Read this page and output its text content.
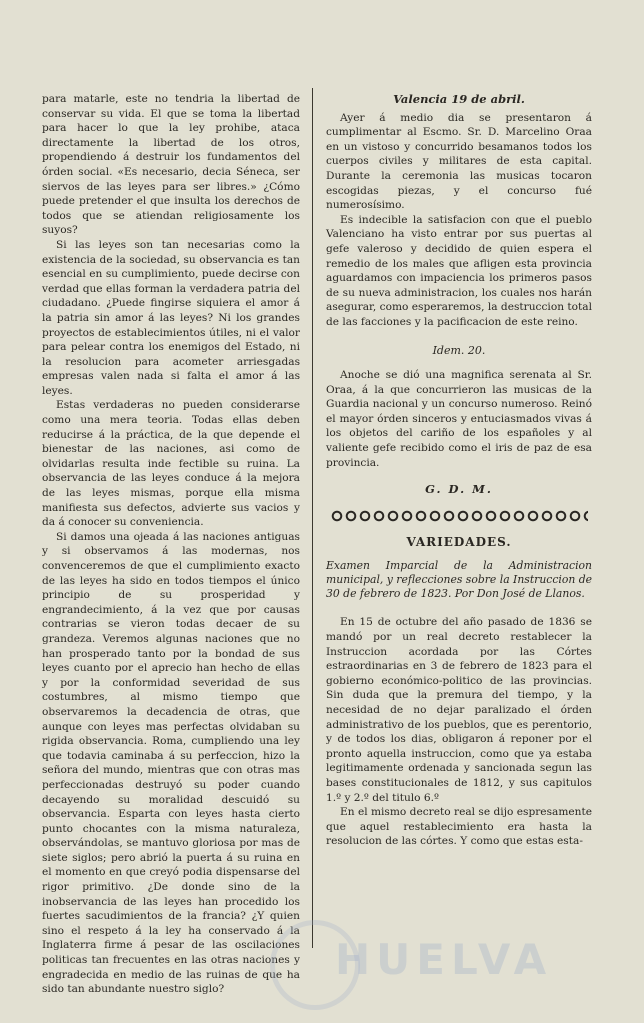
para matarle, este no tendria la libertad de conservar su vida. El que se toma la libertad para hacer lo que la ley prohibe, ataca directamente la libertad de los otros, propendiendo á destruir los fundamentos del órden social. «Es necesario, decia Séneca, ser siervos de las leyes para ser libres.» ¿Cómo puede pretender el que insulta los derechos de todos que se atiendan religiosamente los suyos?

Si las leyes son tan necesarias como la existencia de la sociedad, su observancia es tan esencial en su cumplimiento, puede decirse con verdad que ellas forman la verdadera patria del ciudadano. ¿Puede fingirse siquiera el amor á la patria sin amor á las leyes? Ni los grandes proyectos de establecimientos útiles, ni el valor para pelear contra los enemigos del Estado, ni la resolucion para acometer arriesgadas empresas valen nada si falta el amor á las leyes.

Estas verdaderas no pueden considerarse como una mera teoria. Todas ellas deben reducirse á la práctica, de la que depende el bienestar de las naciones, asi como de olvidarlas resulta inde fectible su ruina. La observancia de las leyes conduce á la mejora de las leyes mismas, porque ella misma manifiesta sus defectos, advierte sus vacios y da á conocer su conveniencia.

Si damos una ojeada á las naciones antiguas y si observamos á las modernas, nos convenceremos de que el cumplimiento exacto de las leyes ha sido en todos tiempos el único principio de su prosperidad y engrandecimiento, á la vez que por causas contrarias se vieron todas decaer de su grandeza. Veremos algunas naciones que no han prosperado tanto por la bondad de sus leyes cuanto por el aprecio han hecho de ellas y por la conformidad severidad de sus costumbres, al mismo tiempo que observaremos la decadencia de otras, que aunque con leyes mas perfectas olvidaban su rigida observancia. Roma, cumpliendo una ley que todavia caminaba á su perfeccion, hizo la señora del mundo, mientras que con otras mas perfeccionadas destruyó su poder cuando decayendo su moralidad descuidó su observancia. Esparta con leyes hasta cierto punto chocantes con la misma naturaleza, observándolas, se mantuvo gloriosa por mas de siete siglos; pero abrió la puerta á su ruina en el momento en que creyó podia dispensarse del rigor primitivo. ¿De donde sino de la inobservancia de las leyes han procedido los fuertes sacudimientos de la francia? ¿Y quien sino el respeto á la ley ha conservado á la Inglaterra firme á pesar de las oscilaciones politicas tan frecuentes en las otras naciones y engradecida en medio de las ruinas de que ha sido tan abundante nuestro siglo?

Valencia 19 de abril.

Ayer á medio dia se presentaron á cumplimentar al Escmo. Sr. D. Marcelino Oraa en un vistoso y concurrido besamanos todos los cuerpos civiles y militares de esta capital. Durante la ceremonia las musicas tocaron escogidas piezas, y el concurso fué numerosísimo.

Es indecible la satisfacion con que el pueblo Valenciano ha visto entrar por sus puertas al gefe valeroso y decidido de quien espera el remedio de los males que afligen esta provincia aguardamos con impaciencia los primeros pasos de su nueva administracion, los cuales nos harán asegurar, como esperaremos, la destruccion total de las facciones y la pacificacion de este reino.

Idem. 20.

Anoche se dió una magnifica serenata al Sr. Oraa, á la que concurrieron las musicas de la Guardia nacional y un concurso numeroso. Reinó el mayor órden sinceros y entuciasmados vivas á los objetos del cariño de los españoles y al valiente gefe recibido como el iris de paz de esa provincia.

G. D. M.
VARIEDADES.

Examen Imparcial de la Administracion municipal, y reflecciones sobre la Instruccion de 30 de febrero de 1823. Por Don José de Llanos.

En 15 de octubre del año pasado de 1836 se mandó por un real decreto restablecer la Instruccion acordada por las Córtes estraordinarias en 3 de febrero de 1823 para el gobierno económico-politico de las provincias. Sin duda que la premura del tiempo, y la necesidad de no dejar paralizado el órden administrativo de los pueblos, que es perentorio, y de todos los dias, obligaron á reponer por el pronto aquella instruccion, como que ya estaba legitimamente ordenada y sancionada segun las bases constitucionales de 1812, y sus capitulos 1.º y 2.º del titulo 6.º

En el mismo decreto real se dijo espresamente que aquel restablecimiento era hasta la resolucion de las córtes. Y como que estas esta-

HUELVA
